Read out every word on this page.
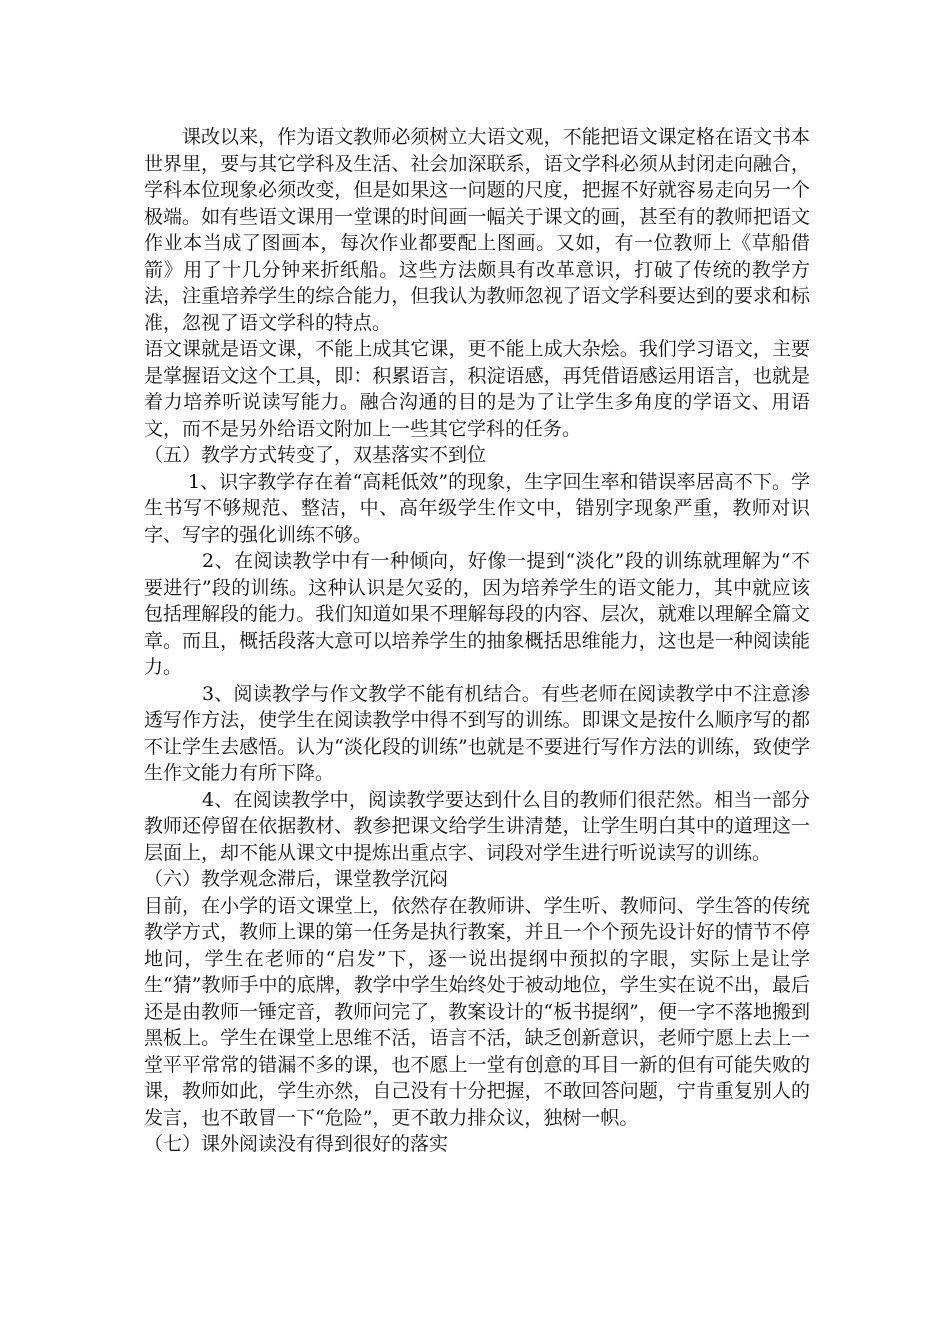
课改以来，作为语文教师必须树立大语文观，不能把语文课定格在语文书本世界里，要与其它学科及生活、社会加深联系，语文学科必须从封闭走向融合，学科本位现象必须改变，但是如果这一问题的尺度，把握不好就容易走向另一个极端。如有些语文课用一堂课的时间画一幅关于课文的画，甚至有的教师把语文作业本当成了图画本，每次作业都要配上图画。又如，有一位教师上《草船借箭》用了十几分钟来折纸船。这些方法颇具有改革意识，打破了传统的教学方法，注重培养学生的综合能力，但我认为教师忽视了语文学科要达到的要求和标准，忽视了语文学科的特点。

语文课就是语文课，不能上成其它课，更不能上成大杂烩。我们学习语文，主要是掌握语文这个工具，即：积累语言，积淀语感，再凭借语感运用语言，也就是着力培养听说读写能力。融合沟通的目的是为了让学生多角度的学语文、用语文，而不是另外给语文附加上一些其它学科的任务。

（五）教学方式转变了，双基落实不到位

1、识字教学存在着“高耗低效”的现象，生字回生率和错误率居高不下。学生书写不够规范、整洁，中、高年级学生作文中，错别字现象严重，教师对识字、写字的强化训练不够。

2、在阅读教学中有一种倾向，好像一提到“淡化”段的训练就理解为“不要进行”段的训练。这种认识是欠妥的，因为培养学生的语文能力，其中就应该包括理解段的能力。我们知道如果不理解每段的内容、层次，就难以理解全篇文章。而且，概括段落大意可以培养学生的抽象概括思维能力，这也是一种阅读能力。

3、阅读教学与作文教学不能有机结合。有些老师在阅读教学中不注意渗透写作方法，使学生在阅读教学中得不到写的训练。即课文是按什么顺序写的都不让学生去感悟。认为“淡化段的训练”也就是不要进行写作方法的训练，致使学生作文能力有所下降。

4、在阅读教学中，阅读教学要达到什么目的教师们很茫然。相当一部分教师还停留在依据教材、教参把课文给学生讲清楚，让学生明白其中的道理这一层面上，却不能从课文中提炼出重点字、词段对学生进行听说读写的训练。

（六）教学观念滞后，课堂教学沉闷

目前，在小学的语文课堂上，依然存在教师讲、学生听、教师问、学生答的传统教学方式，教师上课的第一任务是执行教案，并且一个个预先设计好的情节不停地问，学生在老师的“启发”下，逐一说出提纲中预拟的字眼，实际上是让学生“猜”教师手中的底牌，教学中学生始终处于被动地位，学生实在说不出，最后还是由教师一锤定音，教师问完了，教案设计的“板书提纲”，便一字不落地搬到黑板上。学生在课堂上思维不活，语言不活，缺乏创新意识，老师宁愿上去上一堂平平常常的错漏不多的课，也不愿上一堂有创意的耳目一新的但有可能失败的课，教师如此，学生亦然，自己没有十分把握，不敢回答问题，宁肯重复别人的发言，也不敢冒一下“危险”，更不敢力排众议，独树一帜。

（七）课外阅读没有得到很好的落实
